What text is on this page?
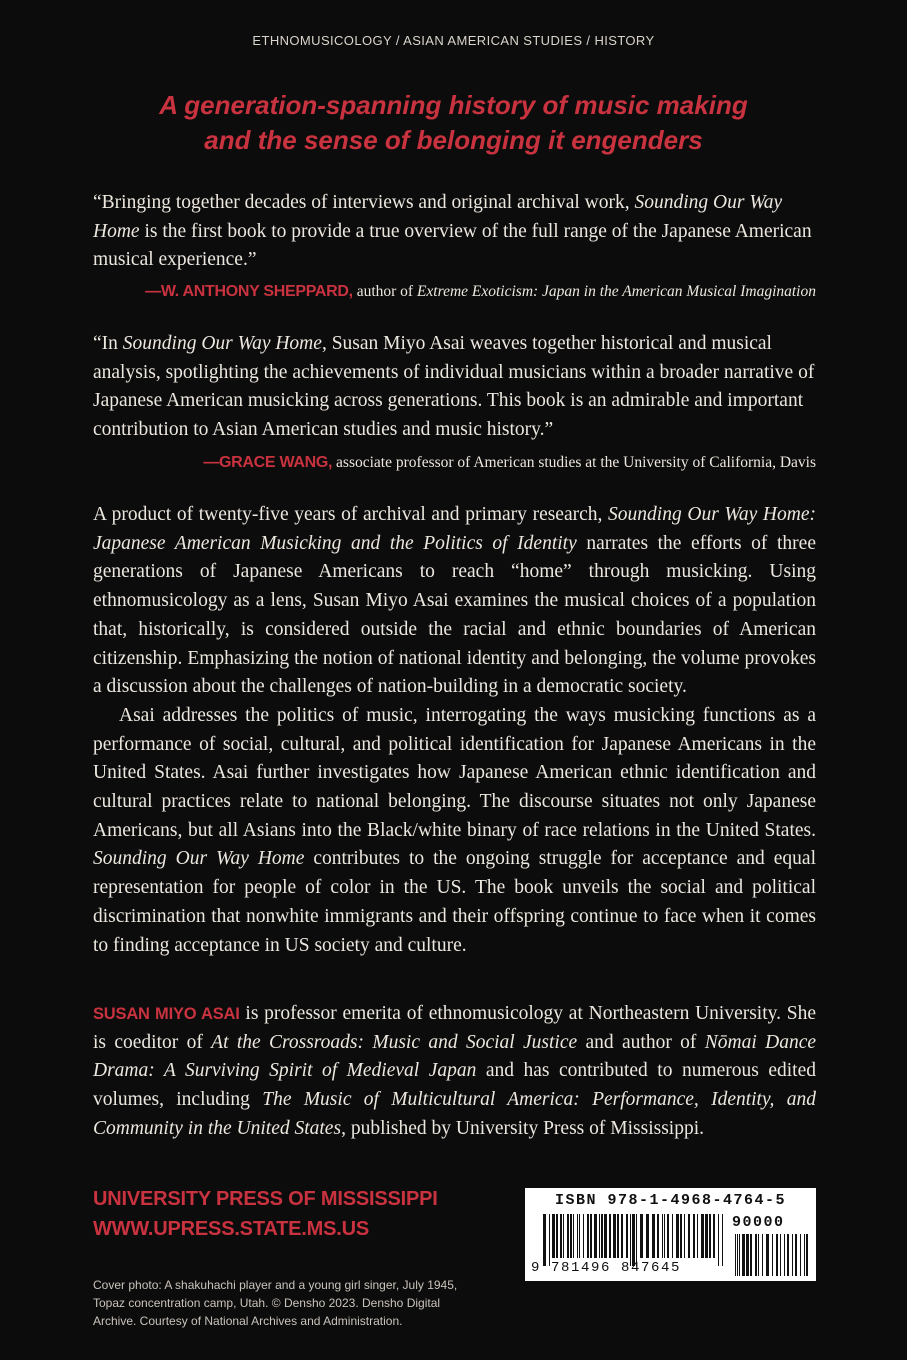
ETHNOMUSICOLOGY / ASIAN AMERICAN STUDIES / HISTORY
A generation-spanning history of music making
and the sense of belonging it engenders
“Bringing together decades of interviews and original archival work, Sounding Our Way Home is the first book to provide a true overview of the full range of the Japanese American musical experience.”
—W. ANTHONY SHEPPARD, author of Extreme Exoticism: Japan in the American Musical Imagination
“In Sounding Our Way Home, Susan Miyo Asai weaves together historical and musical analysis, spotlighting the achievements of individual musicians within a broader narrative of Japanese American musicking across generations. This book is an admirable and important contribution to Asian American studies and music history.”
—GRACE WANG, associate professor of American studies at the University of California, Davis

A product of twenty-five years of archival and primary research, Sounding Our Way Home: Japanese American Musicking and the Politics of Identity narrates the efforts of three generations of Japanese Americans to reach “home” through musicking. Using ethnomusicology as a lens, Susan Miyo Asai examines the musical choices of a population that, historically, is considered outside the racial and ethnic boundaries of American citizenship. Emphasizing the notion of national identity and belonging, the volume provokes a discussion about the challenges of nation-building in a democratic society.

Asai addresses the politics of music, interrogating the ways musicking functions as a performance of social, cultural, and political identification for Japanese Americans in the United States. Asai further investigates how Japanese American ethnic identification and cultural practices relate to national belonging. The discourse situates not only Japanese Americans, but all Asians into the Black/white binary of race relations in the United States. Sounding Our Way Home contributes to the ongoing struggle for acceptance and equal representation for people of color in the US. The book unveils the social and political discrimination that nonwhite immigrants and their offspring continue to face when it comes to finding acceptance in US society and culture.

SUSAN MIYO ASAI is professor emerita of ethnomusicology at Northeastern University. She is coeditor of At the Crossroads: Music and Social Justice and author of Nōmai Dance Drama: A Surviving Spirit of Medieval Japan and has contributed to numerous edited volumes, including The Music of Multicultural America: Performance, Identity, and Community in the United States, published by University Press of Mississippi.
UNIVERSITY PRESS OF MISSISSIPPI
WWW.UPRESS.STATE.MS.US
Cover photo: A shakuhachi player and a young girl singer, July 1945, Topaz concentration camp, Utah. © Densho 2023. Densho Digital Archive. Courtesy of National Archives and Administration.
ISBN 978-1-4968-4764-5
90000
9 781496 847645
